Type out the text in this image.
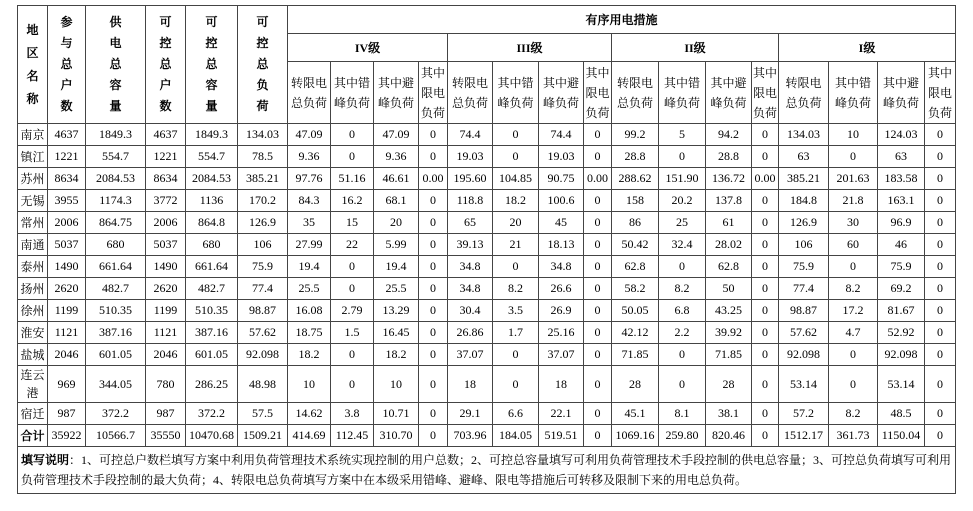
地区名称	参与总户数	供电总容量	可控总户数	可控总容量	可控总负荷	有序用电措施															
						IV级				III级				II级				I级			
						转限电总负荷	其中错峰负荷	其中避峰负荷	其中限电负荷	转限电总负荷	其中错峰负荷	其中避峰负荷	其中限电负荷	转限电总负荷	其中错峰负荷	其中避峰负荷	其中限电负荷	转限电总负荷	其中错峰负荷	其中避峰负荷	其中限电负荷
南京	4637	1849.3	4637	1849.3	134.03	47.09	0	47.09	0	74.4	0	74.4	0	99.2	5	94.2	0	134.03	10	124.03	0
镇江	1221	554.7	1221	554.7	78.5	9.36	0	9.36	0	19.03	0	19.03	0	28.8	0	28.8	0	63	0	63	0
苏州	8634	2084.53	8634	2084.53	385.21	97.76	51.16	46.61	0.00	195.60	104.85	90.75	0.00	288.62	151.90	136.72	0.00	385.21	201.63	183.58	0
无锡	3955	1174.3	3772	1136	170.2	84.3	16.2	68.1	0	118.8	18.2	100.6	0	158	20.2	137.8	0	184.8	21.8	163.1	0
常州	2006	864.75	2006	864.8	126.9	35	15	20	0	65	20	45	0	86	25	61	0	126.9	30	96.9	0
南通	5037	680	5037	680	106	27.99	22	5.99	0	39.13	21	18.13	0	50.42	32.4	28.02	0	106	60	46	0
泰州	1490	661.64	1490	661.64	75.9	19.4	0	19.4	0	34.8	0	34.8	0	62.8	0	62.8	0	75.9	0	75.9	0
扬州	2620	482.7	2620	482.7	77.4	25.5	0	25.5	0	34.8	8.2	26.6	0	58.2	8.2	50	0	77.4	8.2	69.2	0
徐州	1199	510.35	1199	510.35	98.87	16.08	2.79	13.29	0	30.4	3.5	26.9	0	50.05	6.8	43.25	0	98.87	17.2	81.67	0
淮安	1121	387.16	1121	387.16	57.62	18.75	1.5	16.45	0	26.86	1.7	25.16	0	42.12	2.2	39.92	0	57.62	4.7	52.92	0
盐城	2046	601.05	2046	601.05	92.098	18.2	0	18.2	0	37.07	0	37.07	0	71.85	0	71.85	0	92.098	0	92.098	0
连云港	969	344.05	780	286.25	48.98	10	0	10	0	18	0	18	0	28	0	28	0	53.14	0	53.14	0
宿迁	987	372.2	987	372.2	57.5	14.62	3.8	10.71	0	29.1	6.6	22.1	0	45.1	8.1	38.1	0	57.2	8.2	48.5	0
合计	35922	10566.7	35550	10470.68	1509.21	414.69	112.45	310.70	0	703.96	184.05	519.51	0	1069.16	259.80	820.46	0	1512.17	361.73	1150.04	0
填写说明：1、可控总户数栏填写方案中利用负荷管理技术系统实现控制的用户总数；2、可控总容量填写可利用负荷管理技术手段控制的供电总容量；3、可控总负荷填写可利用负荷管理技术手段控制的最大负荷；4、转限电总负荷填写方案中在本级采用错峰、避峰、限电等措施后可转移及限制下来的用电总负荷。																					
